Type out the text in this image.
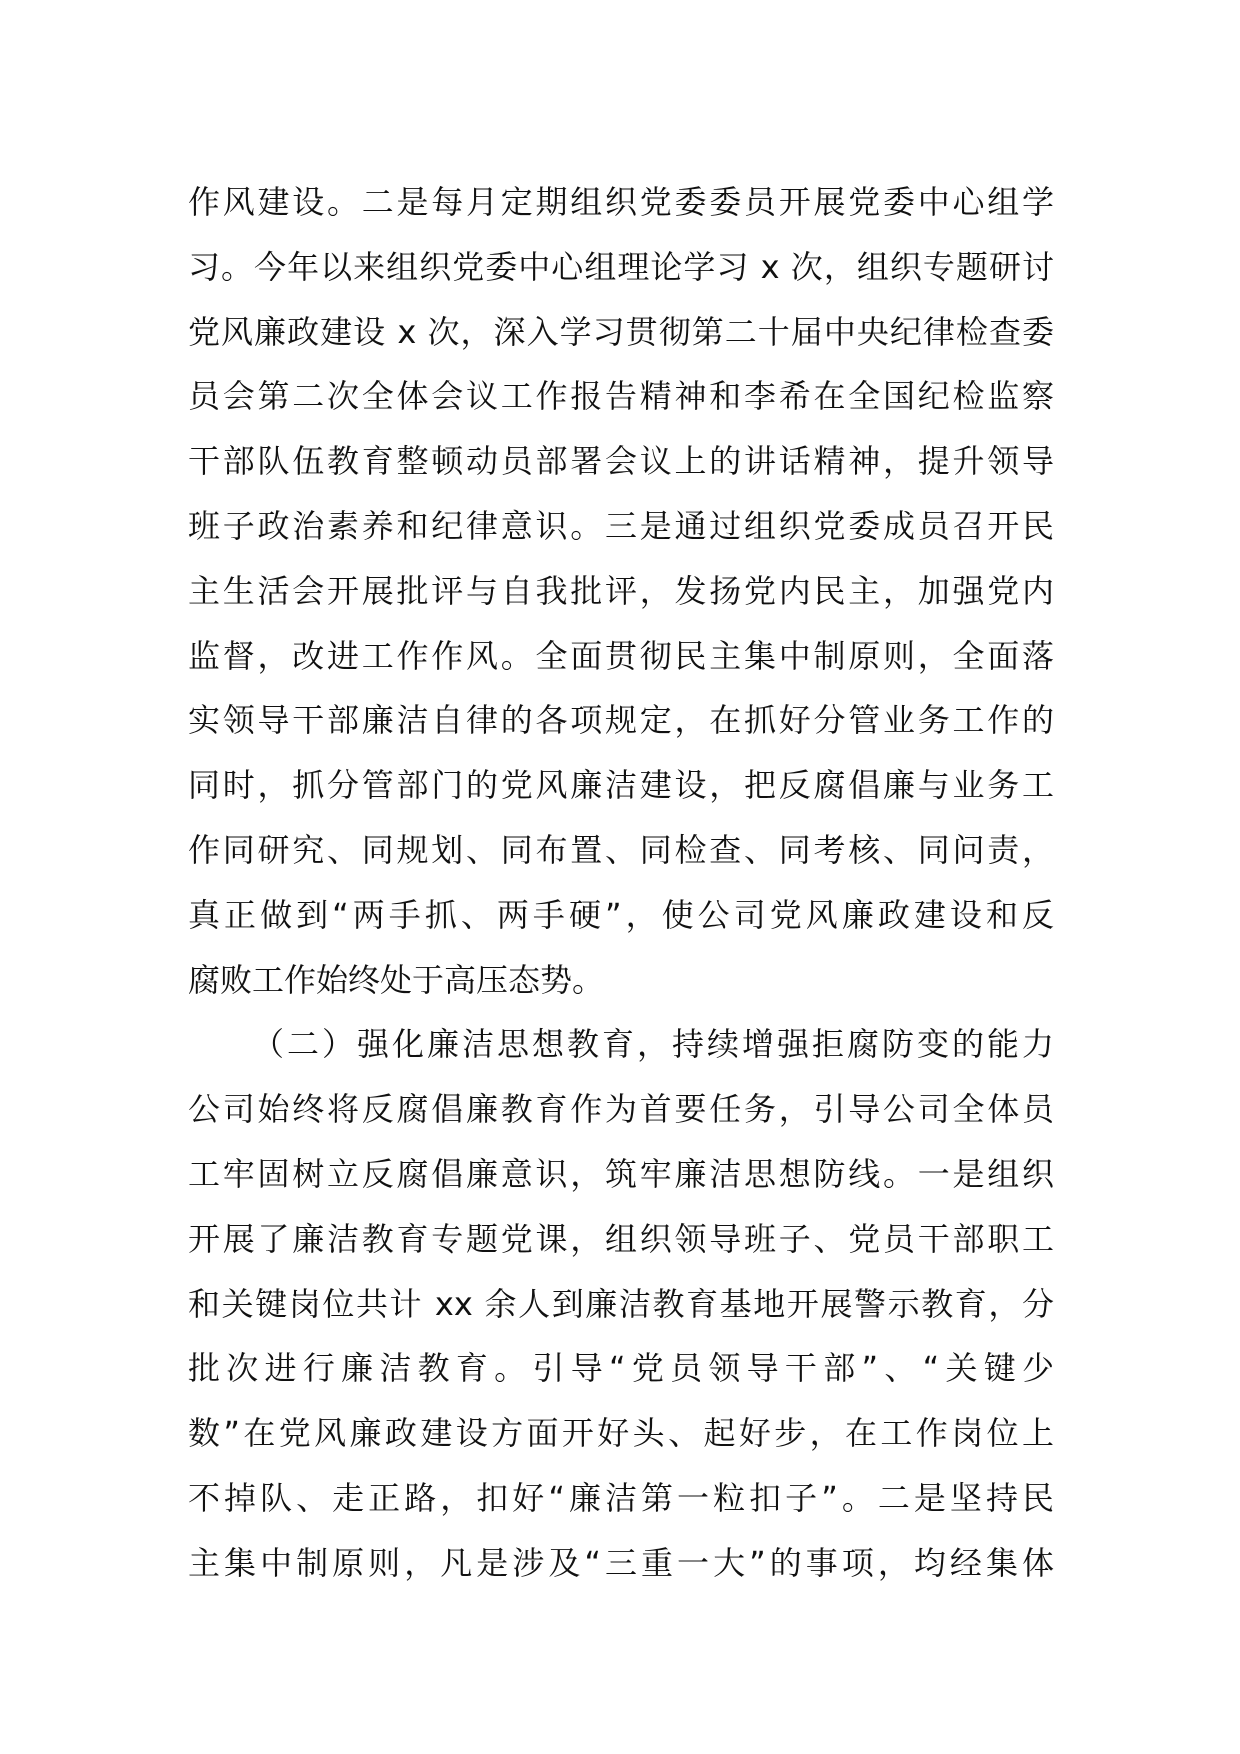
作风建设。二是每月定期组织党委委员开展党委中心组学
习。今年以来组织党委中心组理论学习 x 次，组织专题研讨
党风廉政建设 x 次，深入学习贯彻第二十届中央纪律检查委
员会第二次全体会议工作报告精神和李希在全国纪检监察
干部队伍教育整顿动员部署会议上的讲话精神，提升领导
班子政治素养和纪律意识。三是通过组织党委成员召开民
主生活会开展批评与自我批评，发扬党内民主，加强党内
监督，改进工作作风。全面贯彻民主集中制原则，全面落
实领导干部廉洁自律的各项规定，在抓好分管业务工作的
同时，抓分管部门的党风廉洁建设，把反腐倡廉与业务工
作同研究、同规划、同布置、同检查、同考核、同问责，
真正做到“两手抓、两手硬”，使公司党风廉政建设和反
腐败工作始终处于高压态势。
（二）强化廉洁思想教育，持续增强拒腐防变的能力
公司始终将反腐倡廉教育作为首要任务，引导公司全体员
工牢固树立反腐倡廉意识，筑牢廉洁思想防线。一是组织
开展了廉洁教育专题党课，组织领导班子、党员干部职工
和关键岗位共计 xx 余人到廉洁教育基地开展警示教育，分
批次进行廉洁教育。引导“党员领导干部”、“关键少
数”在党风廉政建设方面开好头、起好步，在工作岗位上
不掉队、走正路，扣好“廉洁第一粒扣子”。二是坚持民
主集中制原则，凡是涉及“三重一大”的事项，均经集体
